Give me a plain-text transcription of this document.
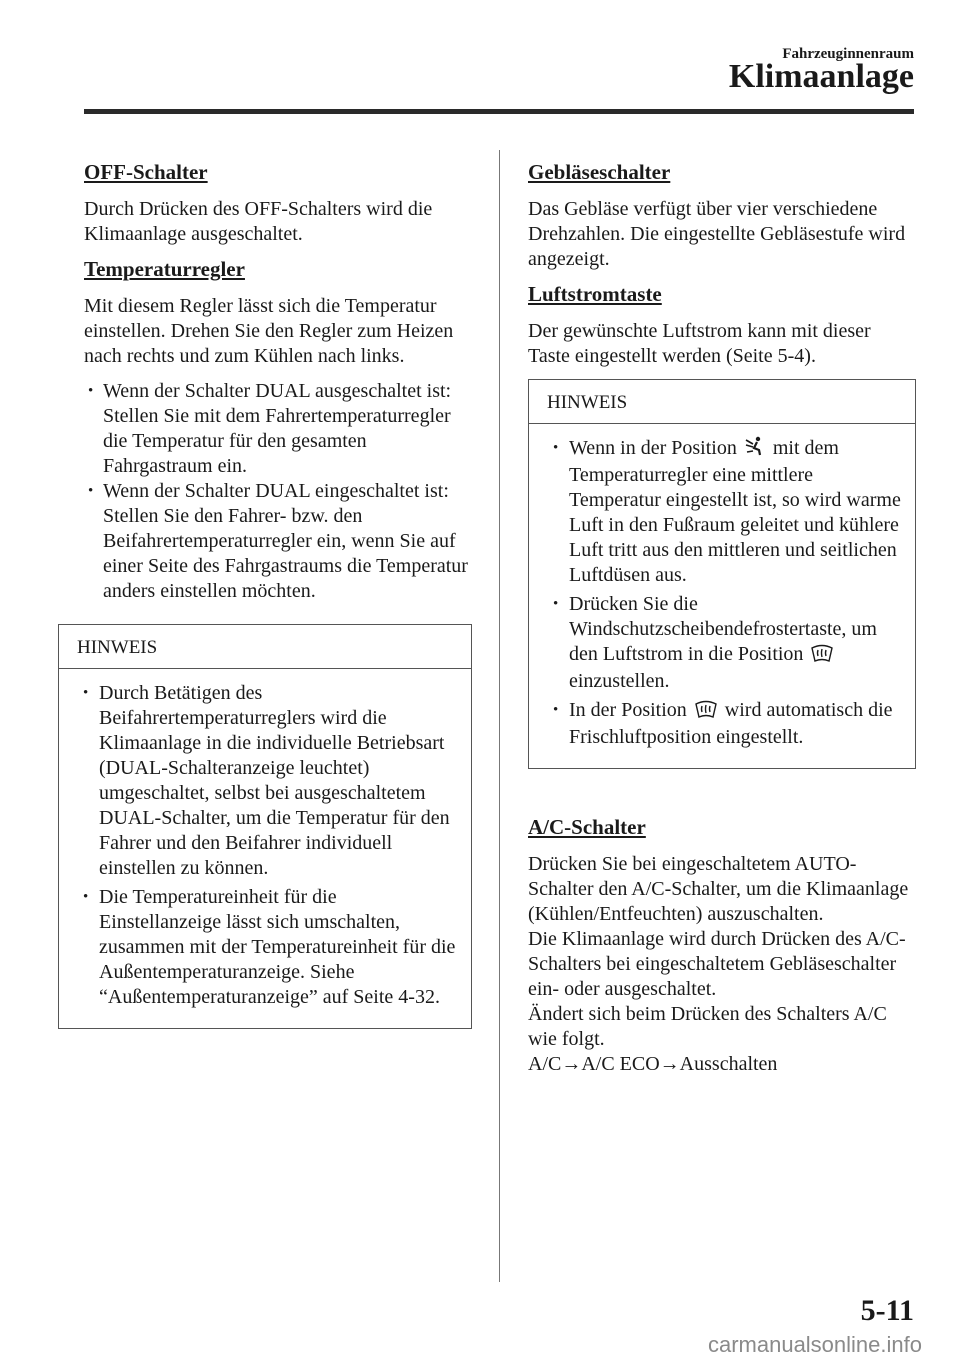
Fahrzeuginnenraum
Klimaanlage
OFF-Schalter

Durch Drücken des OFF-Schalters wird die Klimaanlage ausgeschaltet.

Temperaturregler

Mit diesem Regler lässt sich die Temperatur einstellen. Drehen Sie den Regler zum Heizen nach rechts und zum Kühlen nach links.

• Wenn der Schalter DUAL ausgeschaltet ist:
Stellen Sie mit dem Fahrertemperaturregler die Temperatur für den gesamten Fahrgastraum ein.
• Wenn der Schalter DUAL eingeschaltet ist:
Stellen Sie den Fahrer- bzw. den Beifahrertemperaturregler ein, wenn Sie auf einer Seite des Fahrgastraums die Temperatur anders einstellen möchten.
HINWEIS
• Durch Betätigen des Beifahrertemperaturreglers wird die Klimaanlage in die individuelle Betriebsart (DUAL-Schalteranzeige leuchtet) umgeschaltet, selbst bei ausgeschaltetem DUAL-Schalter, um die Temperatur für den Fahrer und den Beifahrer individuell einstellen zu können.
• Die Temperatureinheit für die Einstellanzeige lässt sich umschalten, zusammen mit der Temperatureinheit für die Außentemperaturanzeige. Siehe “Außentemperaturanzeige” auf Seite 4-32.
Gebläseschalter

Das Gebläse verfügt über vier verschiedene Drehzahlen. Die eingestellte Gebläsestufe wird angezeigt.

Luftstromtaste

Der gewünschte Luftstrom kann mit dieser Taste eingestellt werden (Seite 5-4).

HINWEIS
• Wenn in der Position mit dem Temperaturregler eine mittlere Temperatur eingestellt ist, so wird warme Luft in den Fußraum geleitet und kühlere Luft tritt aus den mittleren und seitlichen Luftdüsen aus.
• Drücken Sie die Windschutzscheibendefrostertaste, um den Luftstrom in die Position  einzustellen.
• In der Position wird automatisch die Frischluftposition eingestellt.
A/C-Schalter

Drücken Sie bei eingeschaltetem AUTO-Schalter den A/C-Schalter, um die Klimaanlage (Kühlen/Entfeuchten) auszuschalten.
Die Klimaanlage wird durch Drücken des A/C-Schalters bei eingeschaltetem Gebläseschalter ein- oder ausgeschaltet.
Ändert sich beim Drücken des Schalters A/C wie folgt.
A/C→A/C ECO→Ausschalten

5-11
carmanualsonline.info
